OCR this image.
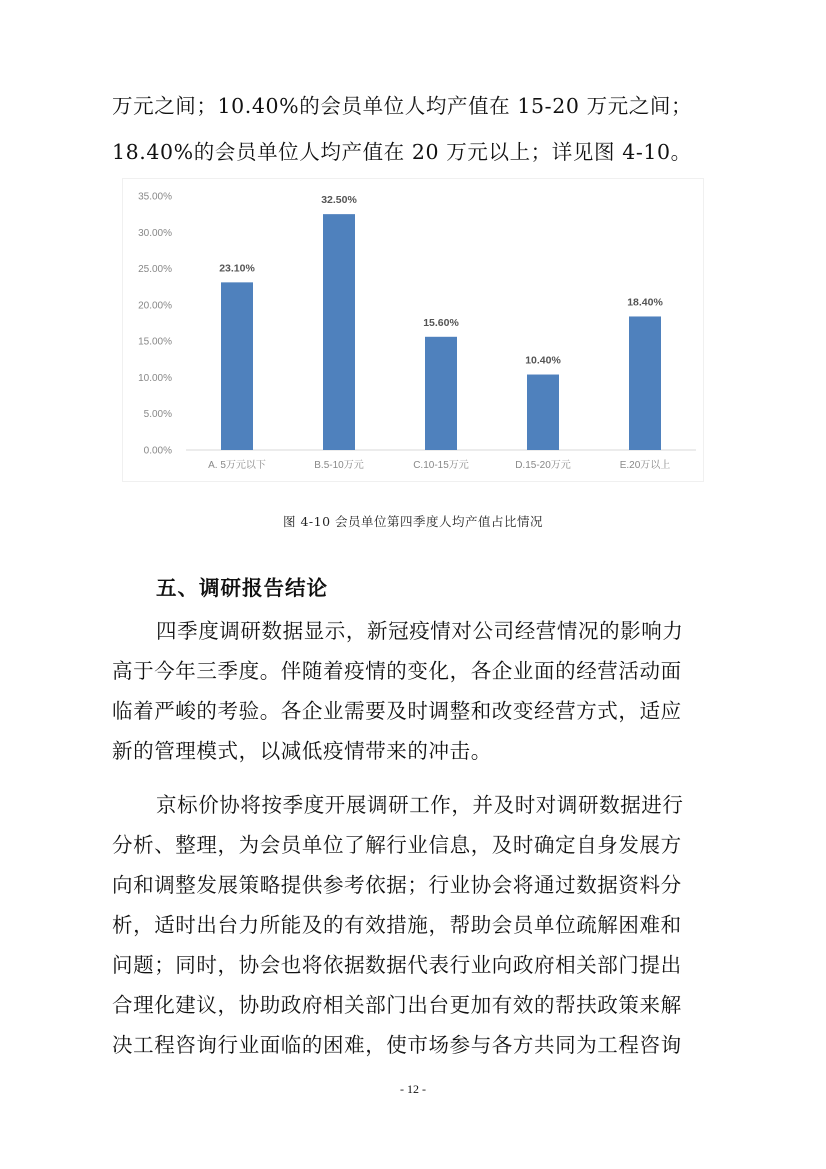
万元之间；10.40%的会员单位人均产值在 15-20 万元之间；
18.40%的会员单位人均产值在 20 万元以上；详见图 4-10。
0.00%
5.00%
10.00%
15.00%
20.00%
25.00%
30.00%
35.00%
23.10%
A. 5万元以下
32.50%
B.5-10万元
15.60%
C.10-15万元
10.40%
D.15-20万元
18.40%
E.20万以上
图 4-10 会员单位第四季度人均产值占比情况
五、调研报告结论
四季度调研数据显示，新冠疫情对公司经营情况的影响力
高于今年三季度。伴随着疫情的变化，各企业面的经营活动面
临着严峻的考验。各企业需要及时调整和改变经营方式，适应
新的管理模式，以减低疫情带来的冲击。
京标价协将按季度开展调研工作，并及时对调研数据进行
分析、整理，为会员单位了解行业信息，及时确定自身发展方
向和调整发展策略提供参考依据；行业协会将通过数据资料分
析，适时出台力所能及的有效措施，帮助会员单位疏解困难和
问题；同时，协会也将依据数据代表行业向政府相关部门提出
合理化建议，协助政府相关部门出台更加有效的帮扶政策来解
决工程咨询行业面临的困难，使市场参与各方共同为工程咨询
- 12 -
